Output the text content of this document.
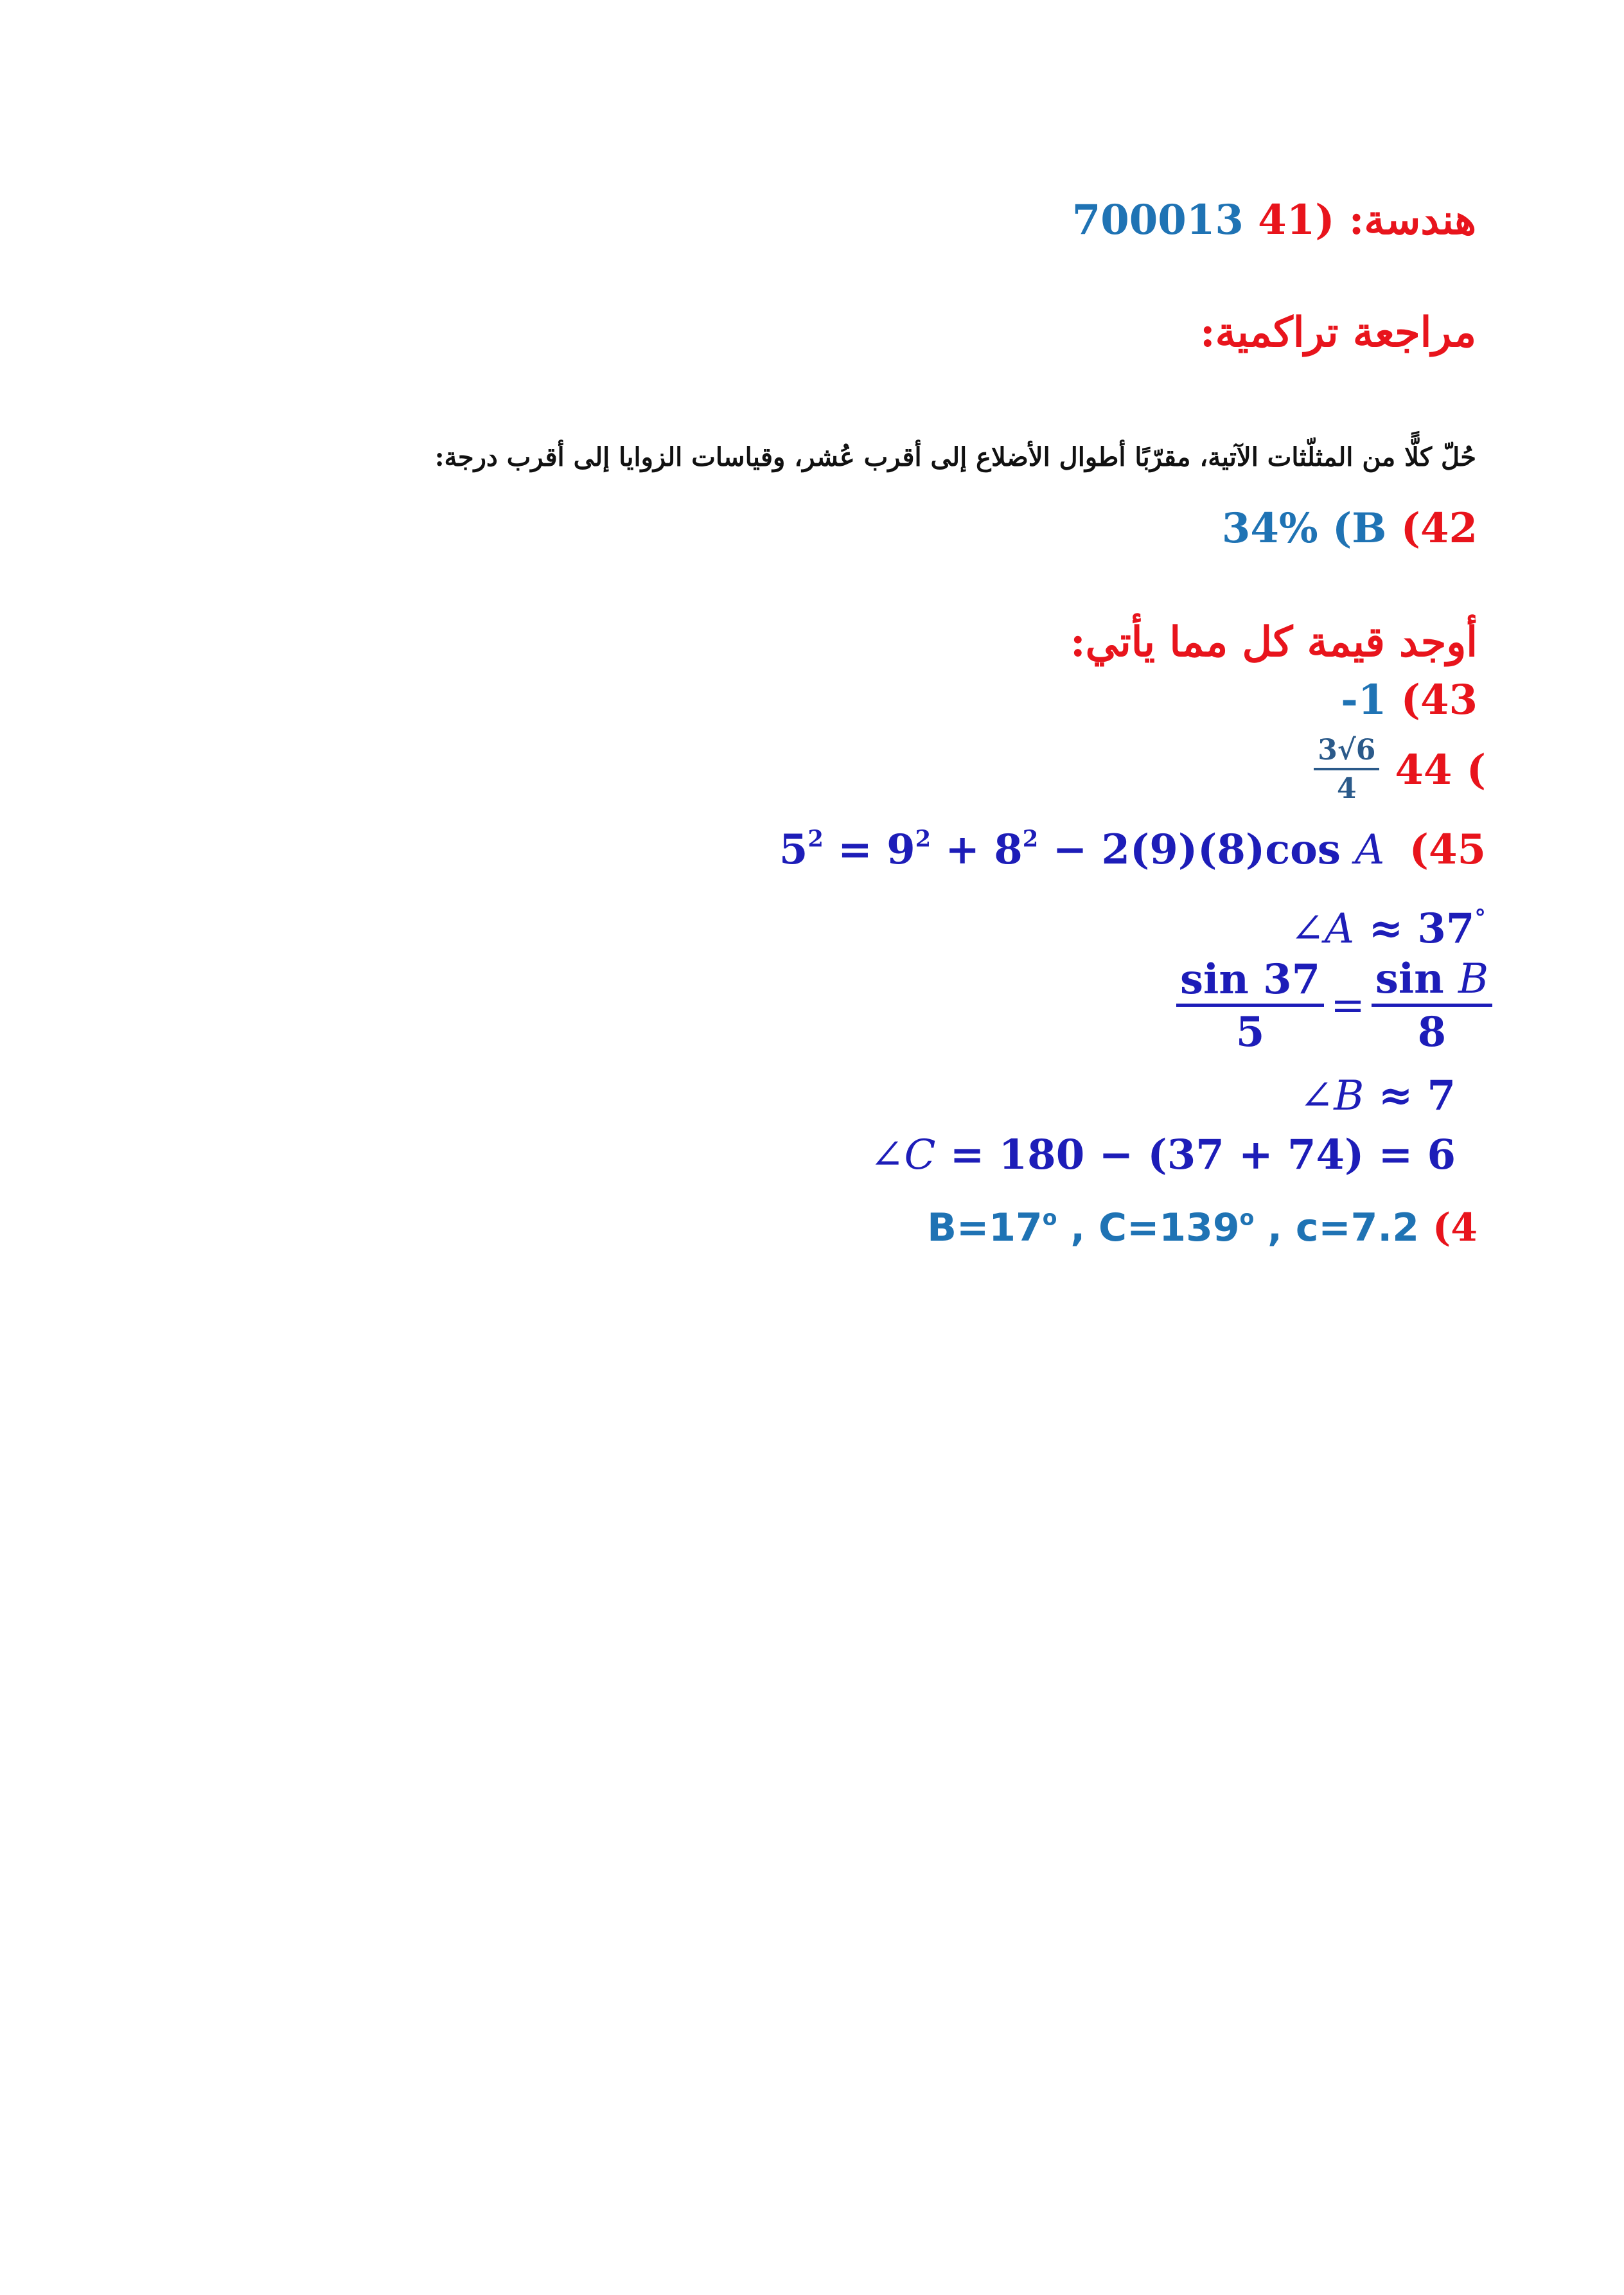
700013	هندسة: (41
مراجعة تراكمية:
حُلّ كلًّا من المثلّثات الآتية، مقرّبًا أطوال الأضلاع إلى أقرب عُشر، وقياسات الزوايا إلى أقرب درجة:
34% (B (42
أوجد قيمة كل مما يأتي:
-1 (43
$\frac{3√6}{4} 44$ (
$5^2 = 9^2 + 8^2 - 2(9)(8)\cos$ A (45
∠A ≈ 37°
$\frac{\sin 37}{5} = \frac{\text{sin B}}{8}$
∠B ≈ 7
∠C = 180 − (37 + 74) = 6
$B=17^o$ , $C=139^o$ , c=7.2 (4
